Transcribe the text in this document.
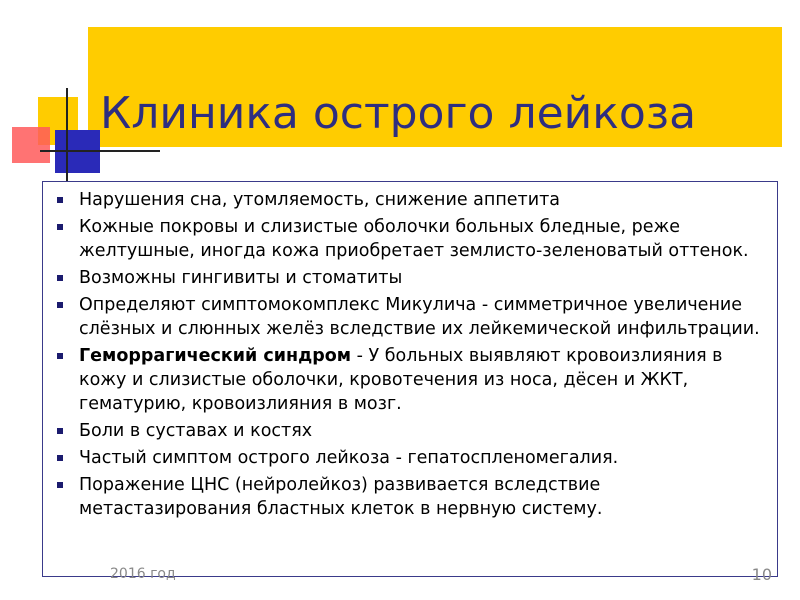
Клиника острого лейкоза
Нарушения сна, утомляемость, снижение аппетита
Кожные покровы и слизистые оболочки больных бледные, реже желтушные, иногда кожа приобретает землисто-зеленоватый оттенок.
Возможны гингивиты и стоматиты
Определяют симптомокомплекс Микулича - симметричное увеличение слёзных и слюнных желёз вследствие их лейкемической инфильтрации.
Геморрагический синдром - У больных выявляют кровоизлияния в кожу и слизистые оболочки, кровотечения из носа, дёсен и ЖКТ, гематурию, кровоизлияния в мозг.
Боли в суставах и костях
Частый симптом острого лейкоза - гепатоспленомегалия.
Поражение ЦНС (нейролейкоз) развивается вследствие метастазирования бластных клеток в нервную систему.
2016 год	10
